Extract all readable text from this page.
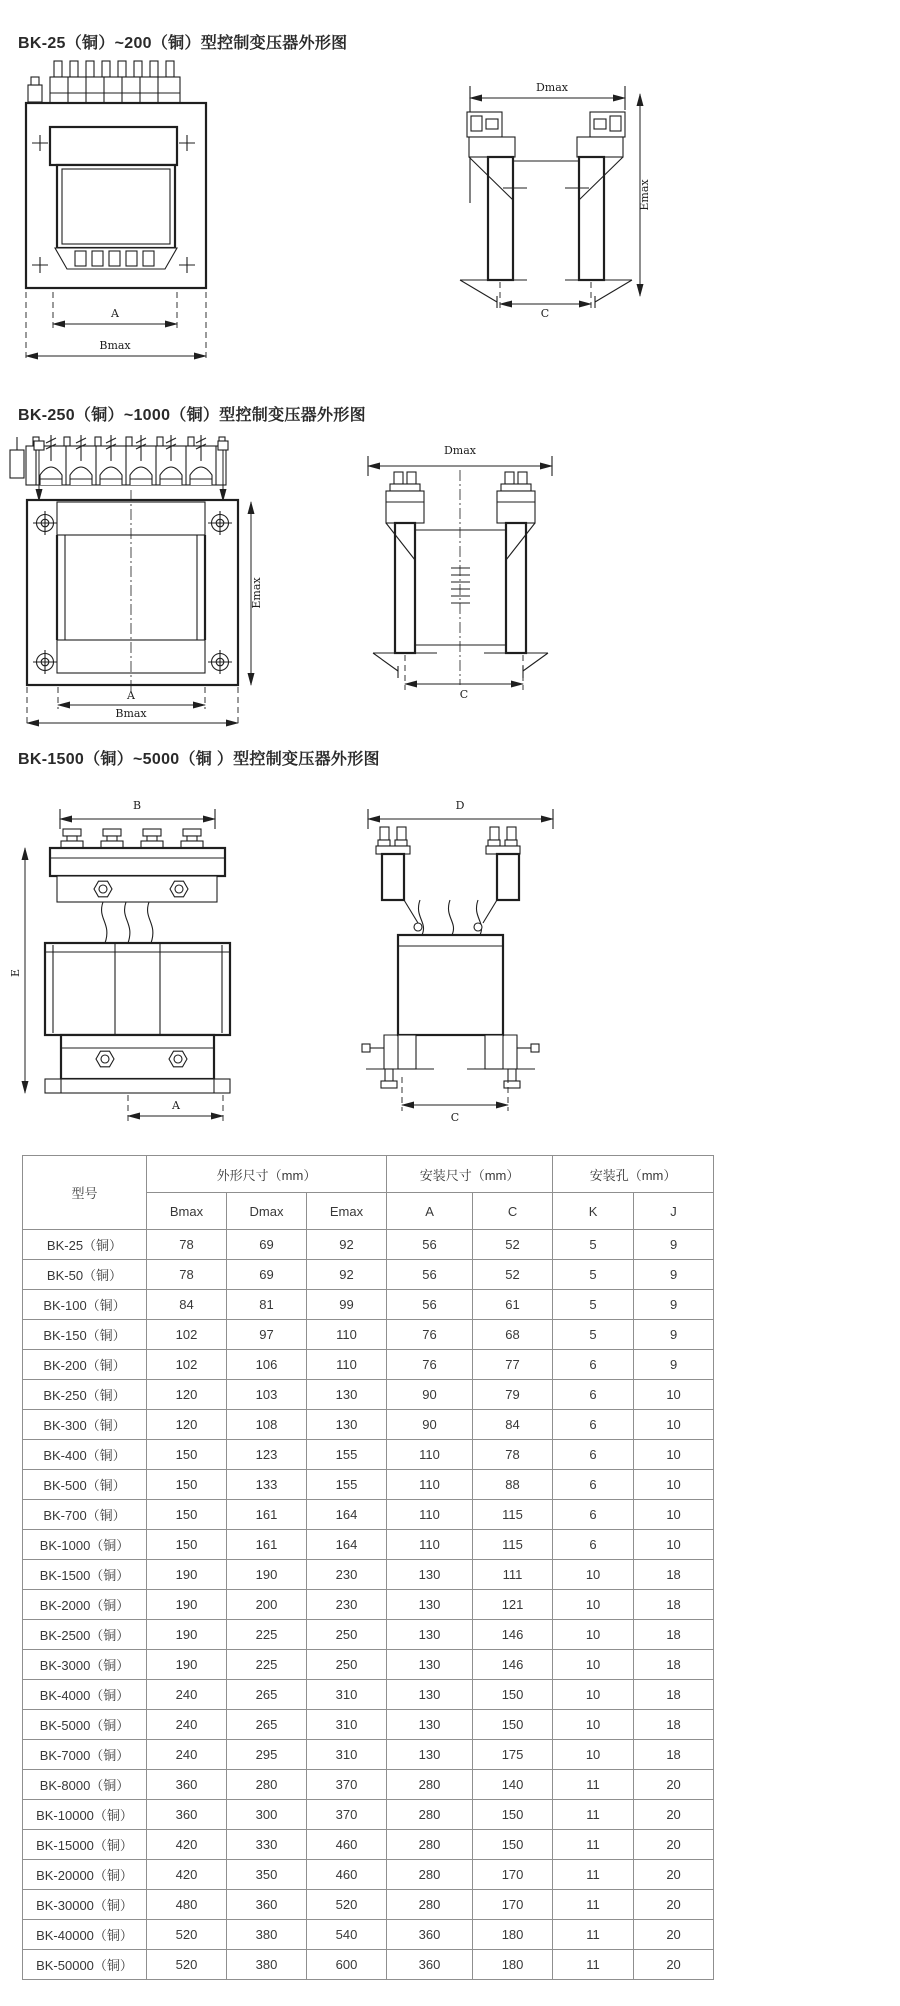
BK-25（铜）~200（铜）型控制变压器外形图
A
Bmax
Dmax
Emax
C
BK-250（铜）~1000（铜）型控制变压器外形图
Emax
A
Bmax
Dmax
C
BK-1500（铜）~5000（铜 ）型控制变压器外形图
B
E
A
D
C
型号	外形尺寸（mm）			安装尺寸（mm）		安装孔（mm）	
	Bmax	Dmax	Emax	A	C	K	J
BK-25（铜）	78	69	92	56	52	5	9
BK-50（铜）	78	69	92	56	52	5	9
BK-100（铜）	84	81	99	56	61	5	9
BK-150（铜）	102	97	110	76	68	5	9
BK-200（铜）	102	106	110	76	77	6	9
BK-250（铜）	120	103	130	90	79	6	10
BK-300（铜）	120	108	130	90	84	6	10
BK-400（铜）	150	123	155	110	78	6	10
BK-500（铜）	150	133	155	110	88	6	10
BK-700（铜）	150	161	164	110	115	6	10
BK-1000（铜）	150	161	164	110	115	6	10
BK-1500（铜）	190	190	230	130	111	10	18
BK-2000（铜）	190	200	230	130	121	10	18
BK-2500（铜）	190	225	250	130	146	10	18
BK-3000（铜）	190	225	250	130	146	10	18
BK-4000（铜）	240	265	310	130	150	10	18
BK-5000（铜）	240	265	310	130	150	10	18
BK-7000（铜）	240	295	310	130	175	10	18
BK-8000（铜）	360	280	370	280	140	11	20
BK-10000（铜）	360	300	370	280	150	11	20
BK-15000（铜）	420	330	460	280	150	11	20
BK-20000（铜）	420	350	460	280	170	11	20
BK-30000（铜）	480	360	520	280	170	11	20
BK-40000（铜）	520	380	540	360	180	11	20
BK-50000（铜）	520	380	600	360	180	11	20
